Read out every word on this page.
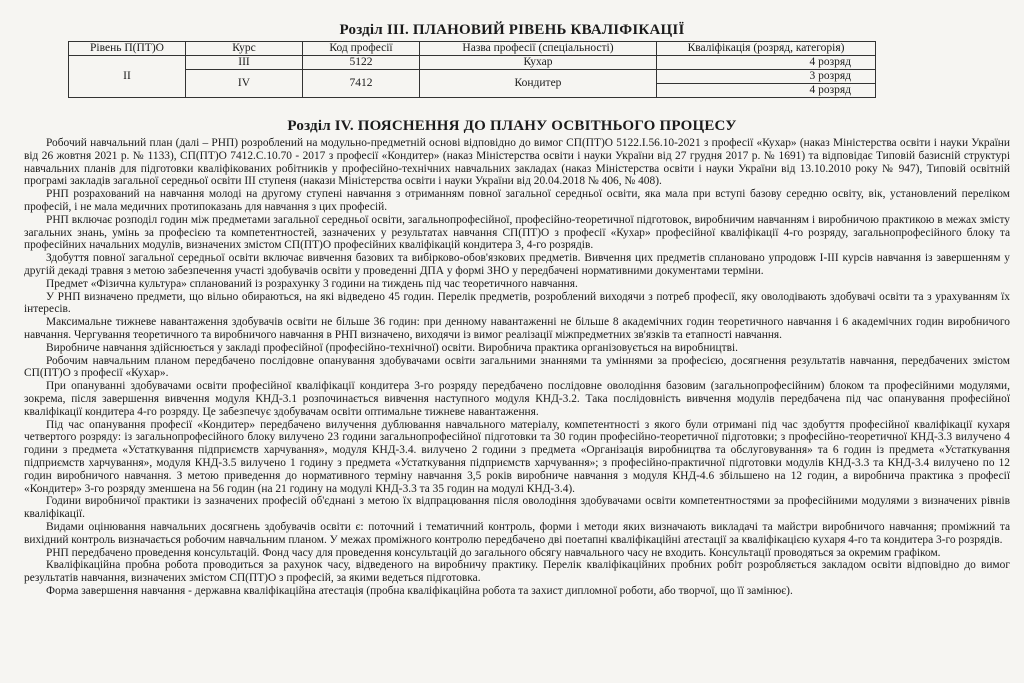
Розділ III. ПЛАНОВИЙ РІВЕНЬ КВАЛІФІКАЦІЇ
Рівень П(ПТ)О	Курс	Код професії	Назва професії (спеціальності)	Кваліфікація (розряд, категорія)
II	III	5122	Кухар	4 розряд
	IV	7412	Кондитер	3 розряд
				4 розряд
Розділ IV. ПОЯСНЕННЯ ДО ПЛАНУ ОСВІТНЬОГО ПРОЦЕСУ

Робочий навчальний план (далі – РНП) розроблений на модульно-предметній основі відповідно до вимог СП(ПТ)О 5122.І.56.10-2021 з професії «Кухар» (наказ Міністерства освіти і науки України від 26 жовтня 2021 р. № 1133), СП(ПТ)О 7412.С.10.70 - 2017 з професії «Кондитер» (наказ Міністерства освіти і науки України від 27 грудня 2017 р. № 1691) та відповідає Типовій базисній структурі навчальних планів для підготовки кваліфікованих робітників у професійно-технічних навчальних закладах (наказ Міністерства освіти і науки України від 13.10.2010 року № 947), Типовій освітній програмі закладів загальної середньої освіти ІІІ ступеня (накази Міністерства освіти і науки України від 20.04.2018 № 406, № 408).

РНП розрахований на навчання молоді на другому ступені навчання з отриманням повної загальної середньої освіти, яка мала при вступі базову середню освіту, вік, установлений переліком професій, і не мала медичних протипоказань для навчання з цих професій.

РНП включає розподіл годин між предметами загальної середньої освіти, загальнопрофесійної, професійно-теоретичної підготовок, виробничим навчанням і виробничою практикою в межах змісту загальних знань, умінь за професією та компетентностей, зазначених у результатах навчання СП(ПТ)О з професії «Кухар» професійної кваліфікації 4-го розряду, загальнопрофесійного блоку та професійних начальних модулів, визначених змістом СП(ПТ)О професійних кваліфікацій кондитера 3, 4-го розрядів.

Здобуття повної загальної середньої освіти включає вивчення базових та вибірково-обов'язкових предметів. Вивчення цих предметів сплановано упродовж І-ІІІ курсів навчання із завершенням у другій декаді травня з метою забезпечення участі здобувачів освіти у проведенні ДПА у формі ЗНО у передбачені нормативними документами терміни.

Предмет «Фізична культура» спланований із розрахунку 3 години на тиждень під час теоретичного навчання.

У РНП визначено предмети, що вільно обираються, на які відведено 45 годин. Перелік предметів, розроблений виходячи з потреб професії, яку оволодівають здобувачі освіти та з урахуванням їх інтересів.

Максимальне тижневе навантаження здобувачів освіти не більше 36 годин: при денному навантаженні не більше 8 академічних годин теоретичного навчання і 6 академічних годин виробничого навчання. Чергування теоретичного та виробничого навчання в РНП визначено, виходячи із вимог реалізації міжпредметних зв'язків та етапності навчання.

Виробниче навчання здійснюється у закладі професійної (професійно-технічної) освіти. Виробнича практика організовується на виробництві.

Робочим навчальним планом передбачено послідовне опанування здобувачами освіти загальними знаннями та уміннями за професією, досягнення результатів навчання, передбачених змістом СП(ПТ)О з професії «Кухар».

При опануванні здобувачами освіти професійної кваліфікації кондитера 3-го розряду передбачено послідовне оволодіння базовим (загальнопрофесійним) блоком та професійними модулями, зокрема, після завершення вивчення модуля КНД-3.1 розпочинається вивчення наступного модуля КНД-3.2. Така послідовність вивчення модулів передбачена під час опанування професійної кваліфікації кондитера 4-го розряду. Це забезпечує здобувачам освіти оптимальне тижневе навантаження.

Під час опанування професії «Кондитер» передбачено вилучення дублювання навчального матеріалу, компетентності з якого були отримані під час здобуття професійної кваліфікації кухаря четвертого розряду: із загальнопрофесійного блоку вилучено 23 години загальнопрофесійної підготовки та 30 годин професійно-теоретичної підготовки; з професійно-теоретичної КНД-3.3 вилучено 4 години з предмета «Устаткування підприємств харчування», модуля КНД-3.4. вилучено 2 години з предмета «Організація виробництва та обслуговування» та 6 годин із предмета «Устаткування підприємств харчування», модуля КНД-3.5 вилучено 1 годину з предмета «Устаткування підприємств харчування»; з професійно-практичної підготовки модулів КНД-3.3 та КНД-3.4 вилучено по 12 годин виробничого навчання. З метою приведення до нормативного терміну навчання 3,5 років виробниче навчання з модуля КНД-4.6 збільшено на 12 годин, а виробнича практика з професії «Кондитер» 3-го розряду зменшена на 56 годин (на 21 годину на модулі КНД-3.3 та 35 годин на модулі КНД-3.4).

Години виробничої практики із зазначених професій об'єднані з метою їх відпрацювання після оволодіння здобувачами освіти компетентностями за професійними модулями з визначених рівнів кваліфікації.

Видами оцінювання навчальних досягнень здобувачів освіти є: поточний і тематичний контроль, форми і методи яких визначають викладачі та майстри виробничого навчання; проміжний та вихідний контроль визначається робочим навчальним планом. У межах проміжного контролю передбачено дві поетапні кваліфікаційні атестації за кваліфікацією кухаря 4-го та кондитера 3-го розрядів.

РНП передбачено проведення консультацій. Фонд часу для проведення консультацій до загального обсягу навчального часу не входить. Консультації проводяться за окремим графіком.

Кваліфікаційна пробна робота проводиться за рахунок часу, відведеного на виробничу практику. Перелік кваліфікаційних пробних робіт розробляється закладом освіти відповідно до вимог результатів навчання, визначених змістом СП(ПТ)О з професій, за якими ведеться підготовка.

Форма завершення навчання - державна кваліфікаційна атестація (пробна кваліфікаційна робота та захист дипломної роботи, або творчої, що її замінює).
